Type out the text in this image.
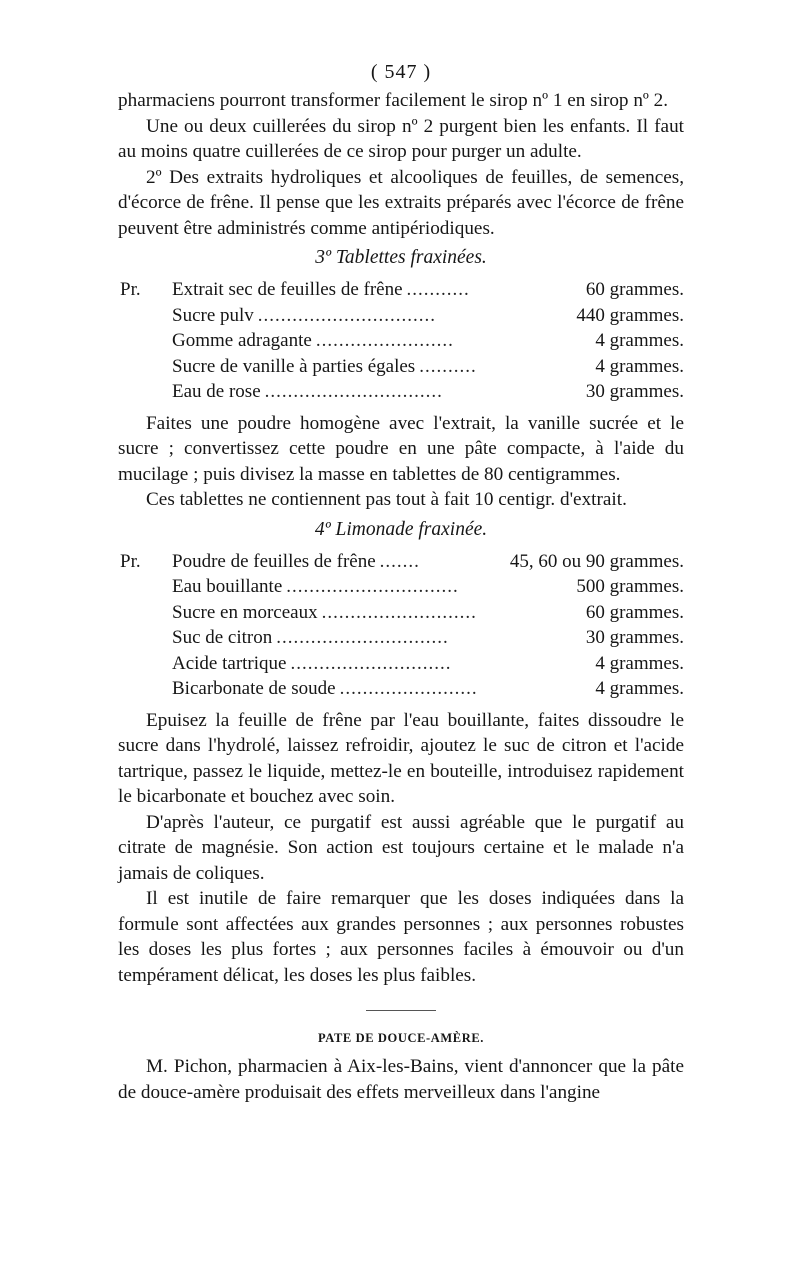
( 547 )

pharmaciens pourront transformer facilement le sirop nº 1 en sirop nº 2.

Une ou deux cuillerées du sirop nº 2 purgent bien les enfants. Il faut au moins quatre cuillerées de ce sirop pour purger un adulte.

2º Des extraits hydroliques et alcooliques de feuilles, de semences, d'écorce de frêne. Il pense que les extraits préparés avec l'écorce de frêne peuvent être administrés comme antipériodiques.

3º Tablettes fraxinées.
Pr.	Extrait sec de feuilles de frêne ...........	60 grammes.
Sucre pulv ...............................	440 grammes.
Gomme adragante ........................	4 grammes.
Sucre de vanille à parties égales ..........	4 grammes.
Eau de rose ...............................	30 grammes.

Faites une poudre homogène avec l'extrait, la vanille sucrée et le sucre ; convertissez cette poudre en une pâte compacte, à l'aide du mucilage ; puis divisez la masse en tablettes de 80 centigrammes.

Ces tablettes ne contiennent pas tout à fait 10 centigr. d'extrait.

4º Limonade fraxinée.
Pr.	Poudre de feuilles de frêne .......	45, 60 ou 90 grammes.
Eau bouillante ..............................	500 grammes.
Sucre en morceaux ...........................	60 grammes.
Suc de citron ..............................	30 grammes.
Acide tartrique ............................	4 grammes.
Bicarbonate de soude ........................	4 grammes.

Epuisez la feuille de frêne par l'eau bouillante, faites dissoudre le sucre dans l'hydrolé, laissez refroidir, ajoutez le suc de citron et l'acide tartrique, passez le liquide, mettez-le en bouteille, introduisez rapidement le bicarbonate et bouchez avec soin.

D'après l'auteur, ce purgatif est aussi agréable que le purgatif au citrate de magnésie. Son action est toujours certaine et le malade n'a jamais de coliques.

Il est inutile de faire remarquer que les doses indiquées dans la formule sont affectées aux grandes personnes ; aux personnes robustes les doses les plus fortes ; aux personnes faciles à émouvoir ou d'un tempérament délicat, les doses les plus faibles.

PATE DE DOUCE-AMÈRE.

M. Pichon, pharmacien à Aix-les-Bains, vient d'annoncer que la pâte de douce-amère produisait des effets merveilleux dans l'angine
